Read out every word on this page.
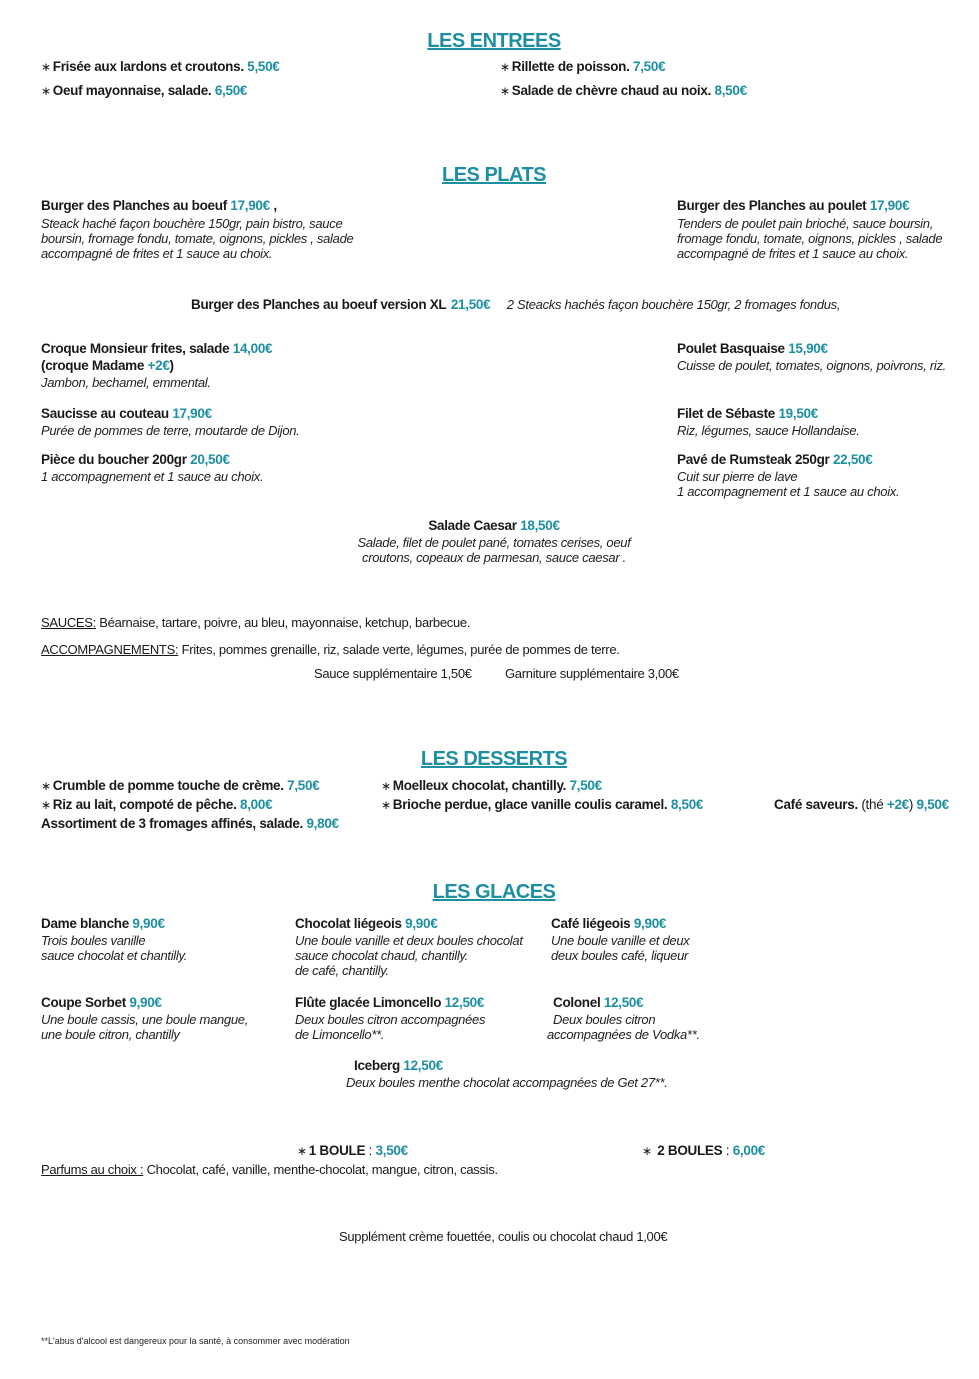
LES ENTREES
∗ Frisée aux lardons et croutons. 5,50€
∗ Oeuf mayonnaise, salade. 6,50€
∗ Rillette de poisson. 7,50€
∗ Salade de chèvre chaud au noix. 8,50€
LES PLATS
Burger des Planches au boeuf 17,90€ ,
Steack haché façon bouchère 150gr, pain bistro, sauce
boursin, fromage fondu, tomate, oignons, pickles , salade
accompagné de frites et 1 sauce au choix.
Burger des Planches au poulet 17,90€
Tenders de poulet pain brioché, sauce boursin,
fromage fondu, tomate, oignons, pickles , salade
accompagné de frites et 1 sauce au choix.
Burger des Planches au boeuf version XL 21,50€ 2 Steacks hachés façon bouchère 150gr, 2 fromages fondus,
Croque Monsieur frites, salade 14,00€
(croque Madame +2€)
Jambon, bechamel, emmental.
Saucisse au couteau 17,90€
Purée de pommes de terre, moutarde de Dijon.
Pièce du boucher 200gr 20,50€
1 accompagnement et 1 sauce au choix.
Poulet Basquaise 15,90€
Cuisse de poulet, tomates, oignons, poivrons, riz.
Filet de Sébaste 19,50€
Riz, légumes, sauce Hollandaise.
Pavé de Rumsteak 250gr 22,50€
Cuit sur pierre de lave
1 accompagnement et 1 sauce au choix.
Salade Caesar 18,50€
Salade, filet de poulet pané, tomates cerises, oeuf
croutons, copeaux de parmesan, sauce caesar .
SAUCES: Béarnaise, tartare, poivre, au bleu, mayonnaise, ketchup, barbecue.
ACCOMPAGNEMENTS: Frites, pommes grenaille, riz, salade verte, légumes, purée de pommes de terre.
Sauce supplémentaire 1,50€	Garniture supplémentaire 3,00€
LES DESSERTS
∗ Crumble de pomme touche de crème. 7,50€
∗ Riz au lait, compoté de pêche. 8,00€
Assortiment de 3 fromages affinés, salade. 9,80€
∗ Moelleux chocolat, chantilly. 7,50€
∗ Brioche perdue, glace vanille coulis caramel. 8,50€	Café saveurs. (thé +2€) 9,50€
LES GLACES
Dame blanche 9,90€
Trois boules vanille
sauce chocolat et chantilly.
Chocolat liégeois 9,90€
Une boule vanille et deux boules chocolat
sauce chocolat chaud, chantilly.
de café, chantilly.
Café liégeois 9,90€
Une boule vanille et deux
deux boules café, liqueur
Coupe Sorbet 9,90€
Une boule cassis, une boule mangue,
une boule citron, chantilly
Flûte glacée Limoncello 12,50€
Deux boules citron accompagnées
de Limoncello**.
Colonel 12,50€
Deux boules citron
accompagnées de Vodka**.
Iceberg 12,50€
Deux boules menthe chocolat accompagnées de Get 27**.
∗ 1 BOULE : 3,50€	∗ 2 BOULES : 6,00€
Parfums au choix : Chocolat, café, vanille, menthe-chocolat, mangue, citron, cassis.
Supplément crème fouettée, coulis ou chocolat chaud 1,00€
**L'abus d'alcool est dangereux pour la santé, à consommer avec modération
